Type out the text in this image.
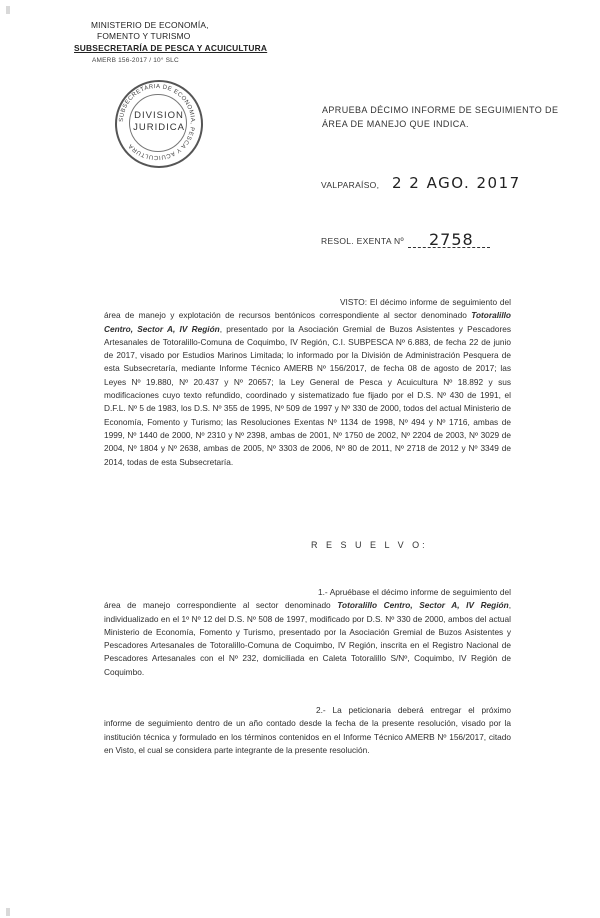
MINISTERIO DE ECONOMÍA,
FOMENTO Y TURISMO
SUBSECRETARÍA DE PESCA Y ACUICULTURA
AMERB 156-2017 / 10° SLC
SUBSECRETARIA DE ECONOMIA, PESCA Y ACUICULTURA
DIVISION
JURIDICA
APRUEBA DÉCIMO INFORME DE SEGUIMIENTO DE
ÁREA DE MANEJO QUE INDICA.
VALPARAÍSO, 2 2 AGO. 2017
RESOL. EXENTA Nº 2758
VISTO: El décimo informe de seguimiento del área de manejo y explotación de recursos bentónicos correspondiente al sector denominado Totoralillo Centro, Sector A, IV Región, presentado por la Asociación Gremial de Buzos Asistentes y Pescadores Artesanales de Totoralillo-Comuna de Coquimbo, IV Región, C.I. SUBPESCA Nº 6.883, de fecha 22 de junio de 2017, visado por Estudios Marinos Limitada; lo informado por la División de Administración Pesquera de esta Subsecretaría, mediante Informe Técnico AMERB Nº 156/2017, de fecha 08 de agosto de 2017; las Leyes Nº 19.880, Nº 20.437 y Nº 20657; la Ley General de Pesca y Acuicultura Nº 18.892 y sus modificaciones cuyo texto refundido, coordinado y sistematizado fue fijado por el D.S. Nº 430 de 1991, el D.F.L. Nº 5 de 1983, los D.S. Nº 355 de 1995, Nº 509 de 1997 y Nº 330 de 2000, todos del actual Ministerio de Economía, Fomento y Turismo; las Resoluciones Exentas Nº 1134 de 1998, Nº 494 y Nº 1716, ambas de 1999, Nº 1440 de 2000, Nº 2310 y Nº 2398, ambas de 2001, Nº 1750 de 2002, Nº 2204 de 2003, Nº 3029 de 2004, Nº 1804 y Nº 2638, ambas de 2005, Nº 3303 de 2006, Nº 80 de 2011, Nº 2718 de 2012 y Nº 3349 de 2014, todas de esta Subsecretaría.
R E S U E L V O:
1.- Apruébase el décimo informe de seguimiento del área de manejo correspondiente al sector denominado Totoralillo Centro, Sector A, IV Región, individualizado en el 1º Nº 12 del D.S. Nº 508 de 1997, modificado por D.S. Nº 330 de 2000, ambos del actual Ministerio de Economía, Fomento y Turismo, presentado por la Asociación Gremial de Buzos Asistentes y Pescadores Artesanales de Totoralillo-Comuna de Coquimbo, IV Región, inscrita en el Registro Nacional de Pescadores Artesanales con el Nº 232, domiciliada en Caleta Totoralillo S/Nº, Coquimbo, IV Región de Coquimbo.
2.- La peticionaria deberá entregar el próximo informe de seguimiento dentro de un año contado desde la fecha de la presente resolución, visado por la institución técnica y formulado en los términos contenidos en el Informe Técnico AMERB Nº 156/2017, citado en Visto, el cual se considera parte integrante de la presente resolución.
